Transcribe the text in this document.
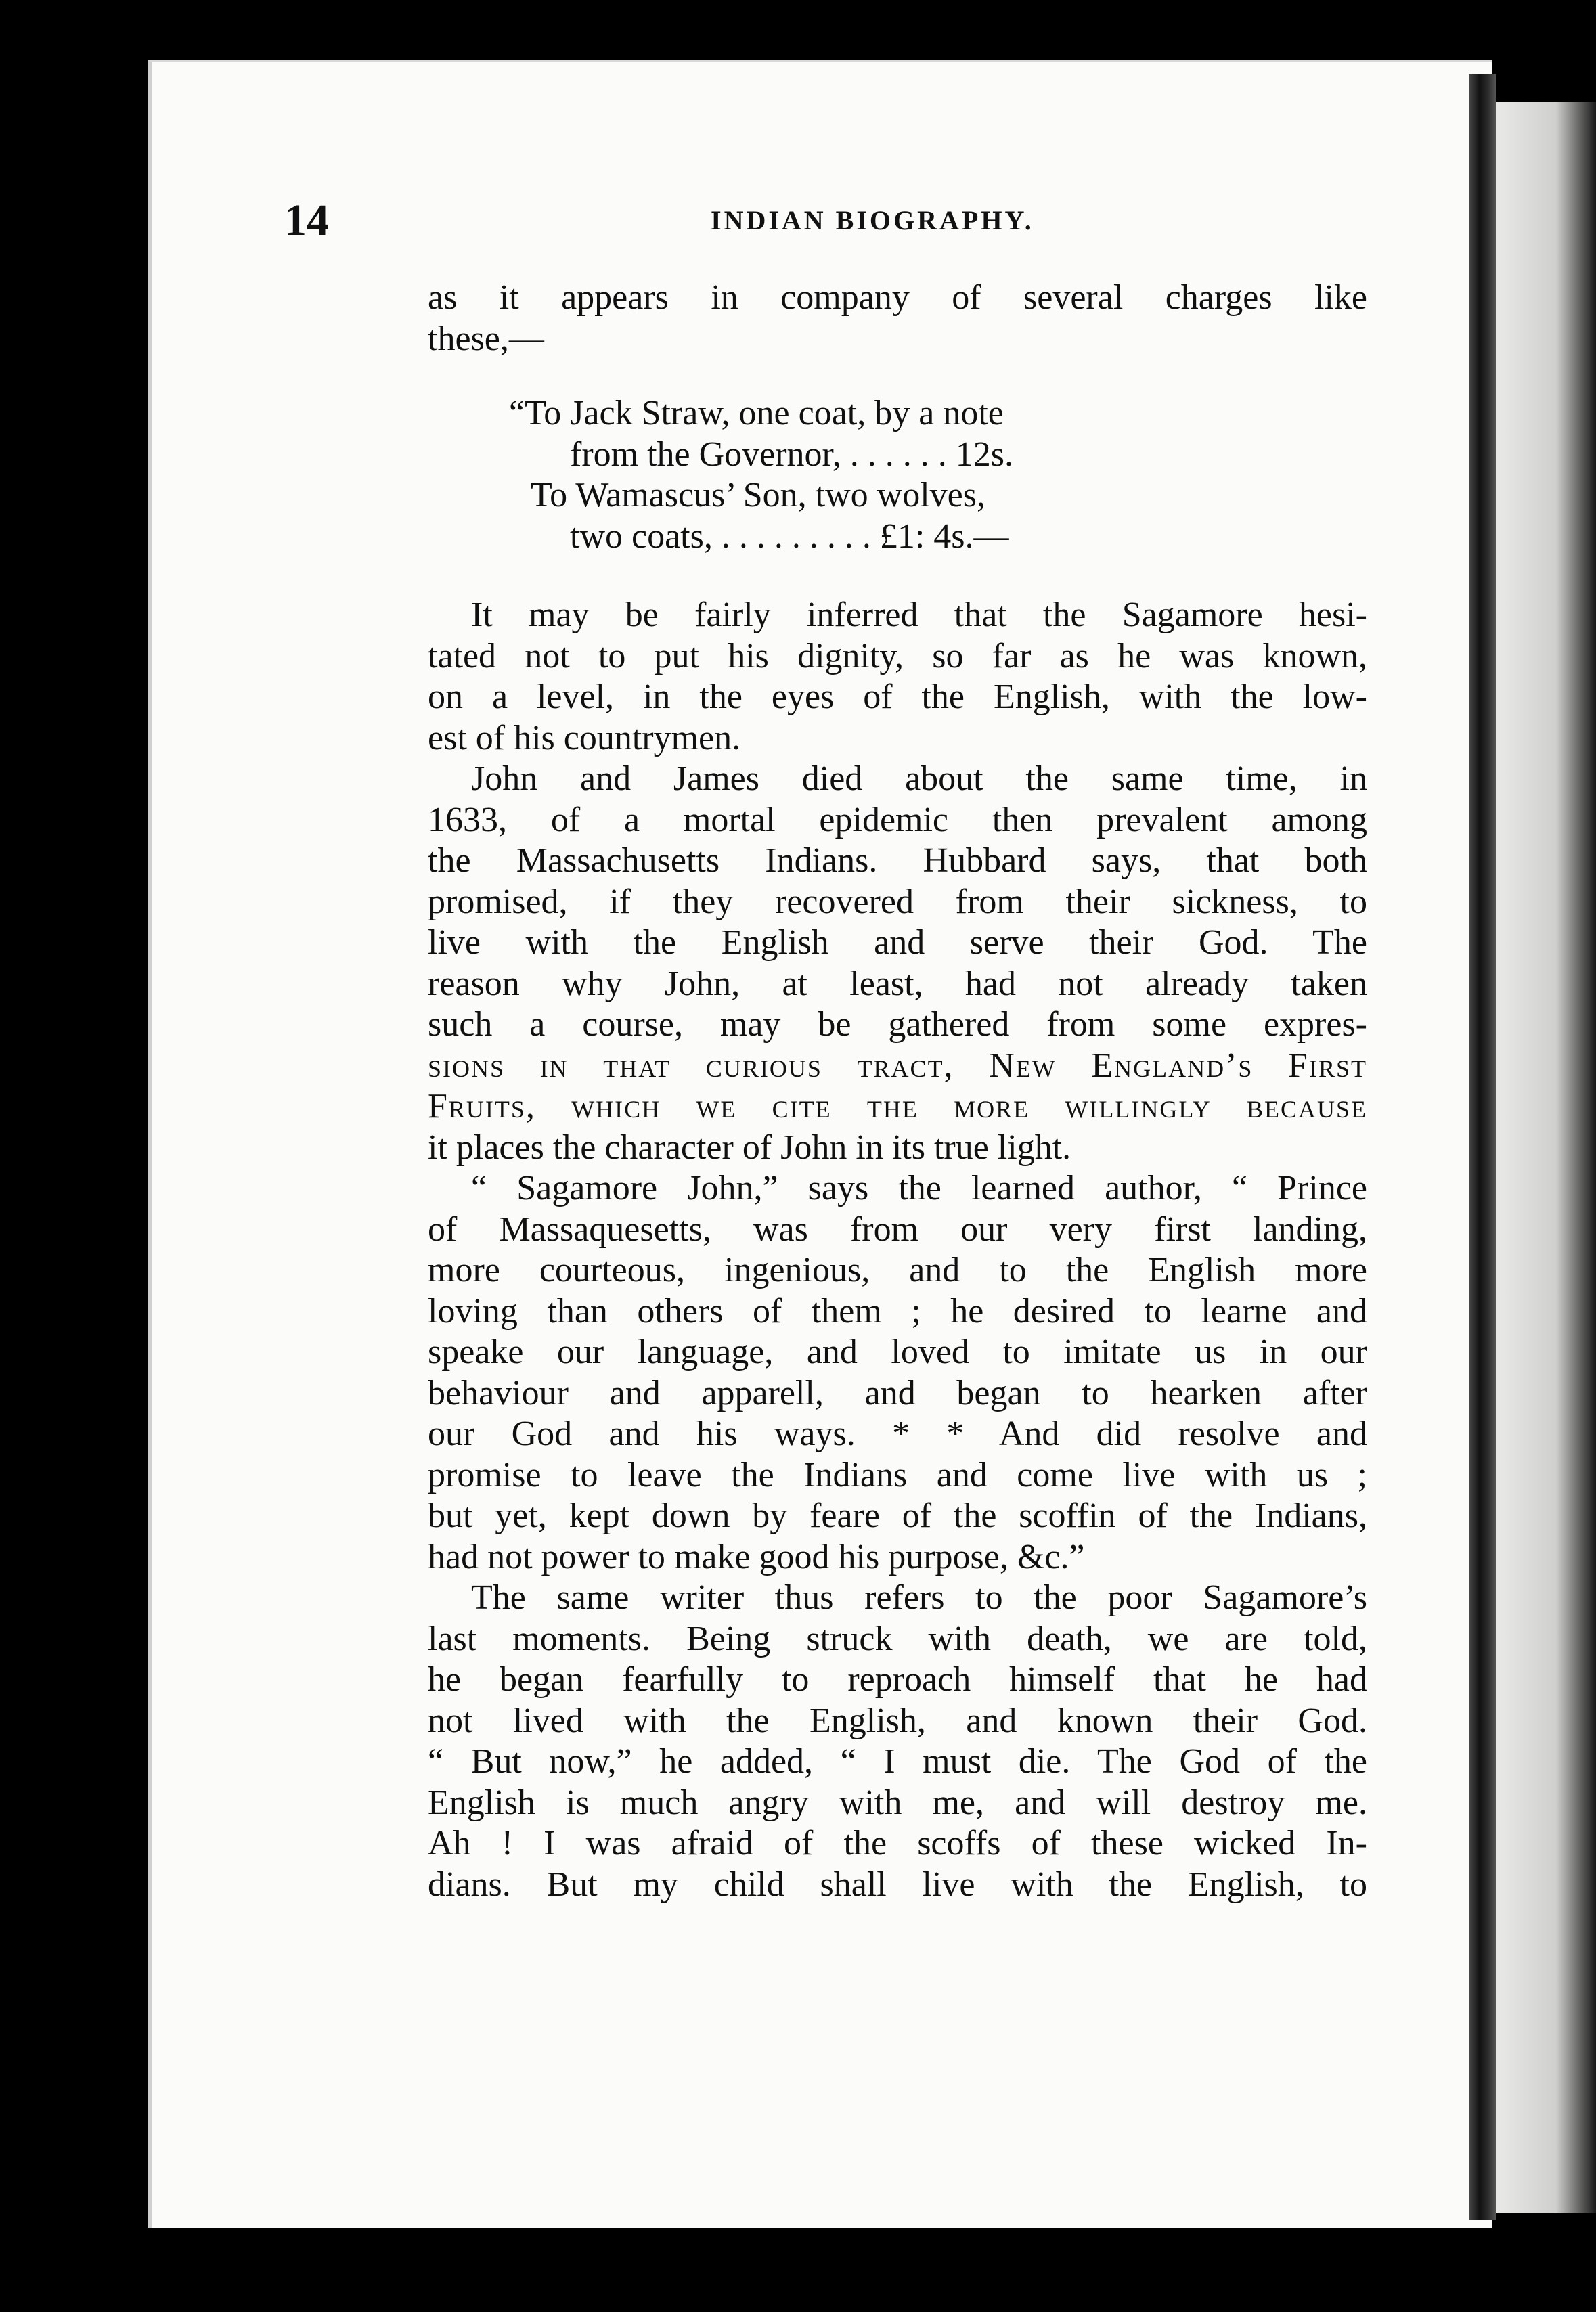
14	INDIAN BIOGRAPHY.
as it appears in company of several charges like
these,—
“To Jack Straw, one coat, by a note
from the Governor, . . . . . . 12s.
To Wamascus’ Son, two wolves,
two coats, . . . . . . . . . £1: 4s.—
It may be fairly inferred that the Sagamore hesi-
tated not to put his dignity, so far as he was known,
on a level, in the eyes of the English, with the low-
est of his countrymen.
John and James died about the same time, in
1633, of a mortal epidemic then prevalent among
the Massachusetts Indians. Hubbard says, that both
promised, if they recovered from their sickness, to
live with the English and serve their God. The
reason why John, at least, had not already taken
such a course, may be gathered from some expres-
sions in that curious tract, New England’s First
Fruits, which we cite the more willingly because
it places the character of John in its true light.
“ Sagamore John,” says the learned author, “ Prince
of Massaquesetts, was from our very first landing,
more courteous, ingenious, and to the English more
loving than others of them ; he desired to learne and
speake our language, and loved to imitate us in our
behaviour and apparell, and began to hearken after
our God and his ways. * * And did resolve and
promise to leave the Indians and come live with us ;
but yet, kept down by feare of the scoffin of the Indians,
had not power to make good his purpose, &c.”
The same writer thus refers to the poor Sagamore’s
last moments. Being struck with death, we are told,
he began fearfully to reproach himself that he had
not lived with the English, and known their God.
“ But now,” he added, “ I must die. The God of the
English is much angry with me, and will destroy me.
Ah ! I was afraid of the scoffs of these wicked In-
dians. But my child shall live with the English, to
